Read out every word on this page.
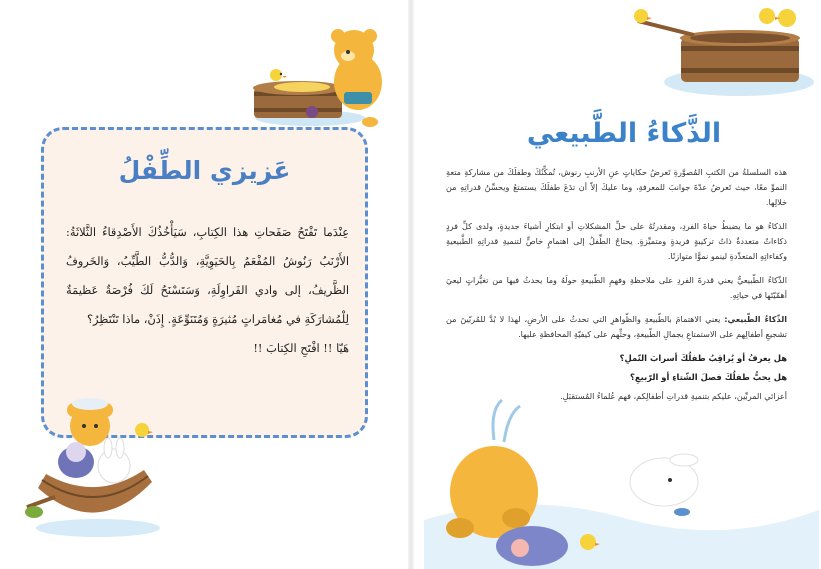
عَزيزي الطِّفْلُ

عِنْدَما تَفْتَحُ صَفَحاتِ هذا الكِتابِ، سَيَأْخُذُكَ الأَصْدِقاءُ الثَّلاثَةُ: الأَرْنَبُ رَنُوشُ المُفْعَمُ بِالحَيَوِيَّةِ، وَالدُّبُّ الطَّيِّبُ، وَالخَروفُ الظَّريفُ، إلى وادي الفَراوِلَةِ، وَسَتَسْنَحُ لَكَ فُرْصَةٌ عَظيمَةٌ لِلْمُشارَكَةِ في مُغامَراتٍ مُثيرَةٍ وَمُتَنَوِّعَةٍ. إِذَنْ، ماذا تَنْتَظِرُ؟

هَيّا !! افْتَحِ الكِتابَ !!

الذَّكاءُ الطَّبيعي

هذه السلسلةُ من الكتبِ المُصوَّرةِ تَعرضُ حكاياتٍ عنِ الأرنبِ رنوش، تُمكِّنُكَ وطفلَكَ من مشاركةِ متعةِ النموِّ معًا، حيث تَعرضُ عدّةَ جوانبَ للمعرفةِ، وما عليكَ إلاّ أن تدَعَ طفلَكَ يستمتعُ ويحسِّنُ قدراتِهِ من خلالِها.

الذكاءُ هو ما يضبطُ حياةَ الفردِ، ومقدرتُهُ على حلِّ المشكلاتِ أو ابتكارِ أشياءَ جديدةٍ، ولدى كلِّ فردٍ ذكاءاتٌ متعددةٌ ذاتُ تركيبةٍ فريدةٍ ومتميِّزةٍ. يحتاجُ الطِّفلُ إلى اهتمامٍ خاصٍّ لتنميةِ قدراتِهِ الطَّبيعيةِ وكفاءاتِهِ المتعدِّدةِ لينمو نموًّا متوازنًا.

الذّكاءُ الطّبيعيُّ يعني قدرةَ الفردِ على ملاحظةِ وفهمِ الطّبيعةِ حولَهُ وما يحدثُ فيها من تغيُّراتٍ ليعيَ أهمّيّتَها في حياتِهِ.

الذّكاءُ الطّبيعي: يعني الاهتمامَ بالطّبيعةِ والظّواهرِ التي تحدثُ على الأرضِ، لهذا لا بُدَّ للمُربّينَ من تشجيعِ أطفالِهم على الاستمتاعِ بجمالِ الطّبيعةِ، وحثِّهم على كيفيّةِ المحافظةِ عليها.

هل يعرفُ أو يُراقِبُ طفلُكَ أسرابَ النّملِ؟

هل يحبُّ طفلُكَ فصلَ الشّتاءِ أو الرّبيعِ؟

أعزائي المربِّين، عليكم بتنميةِ قدراتِ أطفالِكم، فهم عُلماءُ المُستقبَلِ.
